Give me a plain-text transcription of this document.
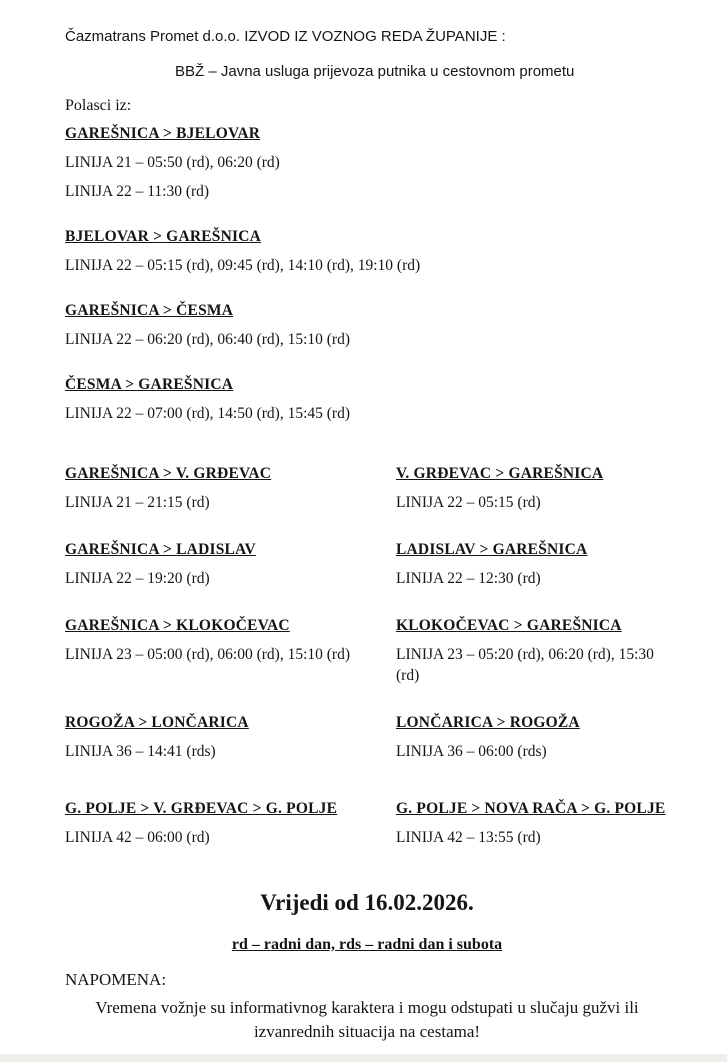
Čazmatrans Promet d.o.o. IZVOD IZ VOZNOG REDA ŽUPANIJE :
BBŽ – Javna usluga prijevoza putnika u cestovnom prometu
Polasci iz:
GAREŠNICA > BJELOVAR
LINIJA 21 – 05:50 (rd), 06:20 (rd)
LINIJA 22 – 11:30 (rd)
BJELOVAR > GAREŠNICA
LINIJA 22 – 05:15 (rd), 09:45 (rd), 14:10 (rd), 19:10 (rd)
GAREŠNICA > ČESMA
LINIJA 22 – 06:20 (rd), 06:40 (rd), 15:10 (rd)
ČESMA > GAREŠNICA
LINIJA 22 – 07:00 (rd), 14:50 (rd), 15:45 (rd)
GAREŠNICA > V. GRĐEVAC
LINIJA 21 – 21:15 (rd)
V. GRĐEVAC > GAREŠNICA
LINIJA 22 – 05:15 (rd)
GAREŠNICA > LADISLAV
LINIJA 22 – 19:20 (rd)
LADISLAV > GAREŠNICA
LINIJA 22 – 12:30 (rd)
GAREŠNICA > KLOKOČEVAC
LINIJA 23 – 05:00 (rd), 06:00 (rd), 15:10 (rd)
KLOKOČEVAC > GAREŠNICA
LINIJA 23 – 05:20 (rd), 06:20 (rd), 15:30 (rd)
ROGOŽA > LONČARICA
LINIJA 36 – 14:41 (rds)
LONČARICA > ROGOŽA
LINIJA 36 – 06:00 (rds)
G. POLJE > V. GRĐEVAC > G. POLJE
LINIJA 42 – 06:00 (rd)
G. POLJE > NOVA RAČA > G. POLJE
LINIJA 42 – 13:55 (rd)
Vrijedi od 16.02.2026.
rd – radni dan, rds – radni dan i subota
NAPOMENA:
Vremena vožnje su informativnog karaktera i mogu odstupati u slučaju gužvi ili izvanrednih situacija na cestama!
